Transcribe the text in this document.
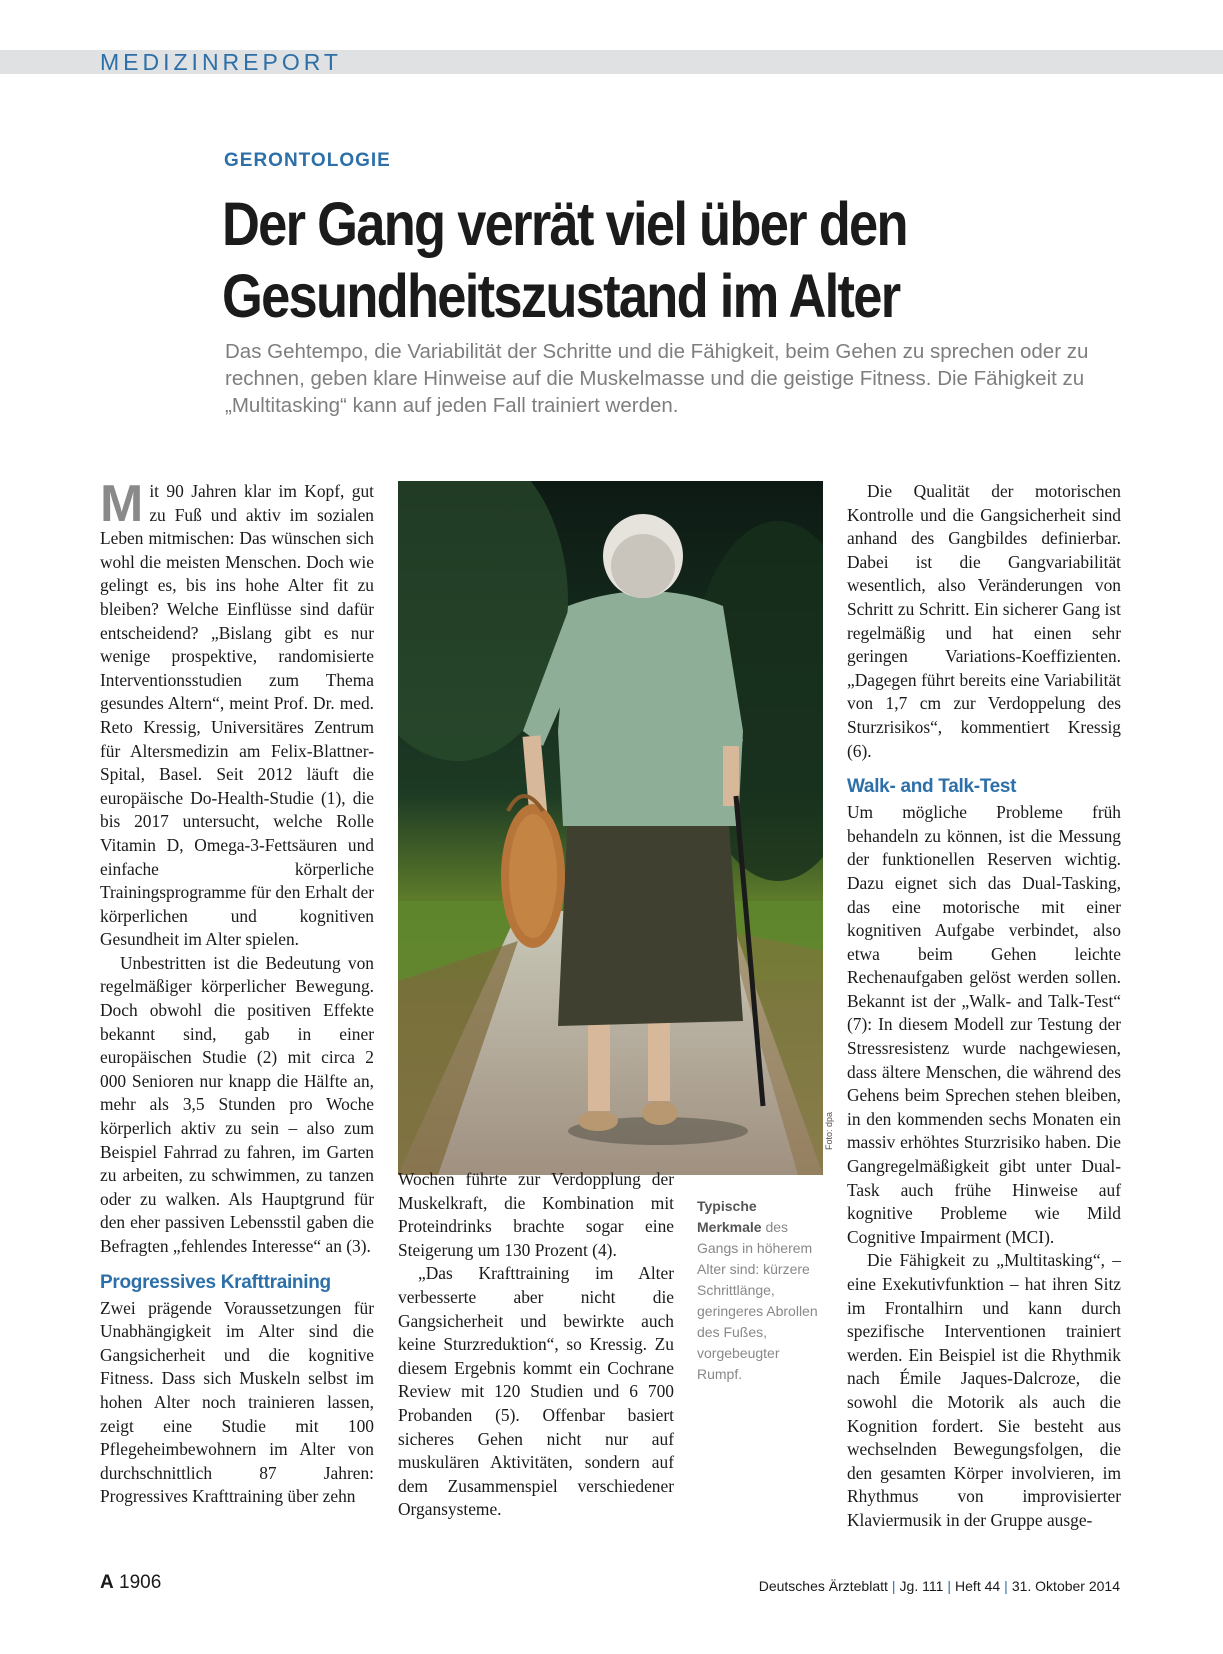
MEDIZINREPORT
GERONTOLOGIE
Der Gang verrät viel über den
Gesundheitszustand im Alter
Das Gehtempo, die Variabilität der Schritte und die Fähigkeit, beim Gehen zu sprechen oder zu rechnen, geben klare Hinweise auf die Muskelmasse und die geistige Fitness. Die Fähigkeit zu „Multitasking“ kann auf jeden Fall trainiert werden.

Mit 90 Jahren klar im Kopf, gut zu Fuß und aktiv im sozialen Leben mitmischen: Das wünschen sich wohl die meisten Menschen. Doch wie gelingt es, bis ins hohe Alter fit zu bleiben? Welche Einflüsse sind dafür entscheidend? „Bislang gibt es nur wenige prospektive, randomisierte Interventionsstudien zum Thema gesundes Altern“, meint Prof. Dr. med. Reto Kressig, Universitäres Zentrum für Altersmedizin am Felix-Blattner-Spital, Basel. Seit 2012 läuft die europäische Do-Health-Studie (1), die bis 2017 untersucht, welche Rolle Vitamin D, Omega-3-Fettsäuren und einfache körperliche Trainingsprogramme für den Erhalt der körperlichen und kognitiven Gesundheit im Alter spielen.

Unbestritten ist die Bedeutung von regelmäßiger körperlicher Bewegung. Doch obwohl die positiven Effekte bekannt sind, gab in einer europäischen Studie (2) mit circa 2 000 Senioren nur knapp die Hälfte an, mehr als 3,5 Stunden pro Woche körperlich aktiv zu sein – also zum Beispiel Fahrrad zu fahren, im Garten zu arbeiten, zu schwimmen, zu tanzen oder zu walken. Als Hauptgrund für den eher passiven Lebensstil gaben die Befragten „fehlendes Interesse“ an (3).

Progressives Krafttraining

Zwei prägende Voraussetzungen für Unabhängigkeit im Alter sind die Gangsicherheit und die kognitive Fitness. Dass sich Muskeln selbst im hohen Alter noch trainieren lassen, zeigt eine Studie mit 100 Pflegeheimbewohnern im Alter von durchschnittlich 87 Jahren: Progressives Krafttraining über zehn

Foto: dpa

Wochen führte zur Verdopplung der Muskelkraft, die Kombination mit Proteindrinks brachte sogar eine Steigerung um 130 Prozent (4).

„Das Krafttraining im Alter verbesserte aber nicht die Gangsicherheit und bewirkte auch keine Sturzreduktion“, so Kressig. Zu diesem Ergebnis kommt ein Cochrane Review mit 120 Studien und 6 700 Probanden (5). Offenbar basiert sicheres Gehen nicht nur auf muskulären Aktivitäten, sondern auf dem Zusammenspiel verschiedener Organsysteme.

Typische Merkmale des Gangs in höherem Alter sind: kürzere Schrittlänge, geringeres Abrollen des Fußes, vorgebeugter Rumpf.

Die Qualität der motorischen Kontrolle und die Gangsicherheit sind anhand des Gangbildes definierbar. Dabei ist die Gangvariabilität wesentlich, also Veränderungen von Schritt zu Schritt. Ein sicherer Gang ist regelmäßig und hat einen sehr geringen Variations-Koeffizienten. „Dagegen führt bereits eine Variabilität von 1,7 cm zur Verdoppelung des Sturzrisikos“, kommentiert Kressig (6).

Walk- and Talk-Test

Um mögliche Probleme früh behandeln zu können, ist die Messung der funktionellen Reserven wichtig. Dazu eignet sich das Dual-Tasking, das eine motorische mit einer kognitiven Aufgabe verbindet, also etwa beim Gehen leichte Rechenaufgaben gelöst werden sollen. Bekannt ist der „Walk- and Talk-Test“ (7): In diesem Modell zur Testung der Stressresistenz wurde nachgewiesen, dass ältere Menschen, die während des Gehens beim Sprechen stehen bleiben, in den kommenden sechs Monaten ein massiv erhöhtes Sturzrisiko haben. Die Gangregelmäßigkeit gibt unter Dual-Task auch frühe Hinweise auf kognitive Probleme wie Mild Cognitive Impairment (MCI).

Die Fähigkeit zu „Multitasking“, – eine Exekutivfunktion – hat ihren Sitz im Frontalhirn und kann durch spezifische Interventionen trainiert werden. Ein Beispiel ist die Rhythmik nach Émile Jaques-Dalcroze, die sowohl die Motorik als auch die Kognition fordert. Sie besteht aus wechselnden Bewegungsfolgen, die den gesamten Körper involvieren, im Rhythmus von improvisierter Klaviermusik in der Gruppe ausge-

A 1906	Deutsches Ärzteblatt | Jg. 111 | Heft 44 | 31. Oktober 2014
